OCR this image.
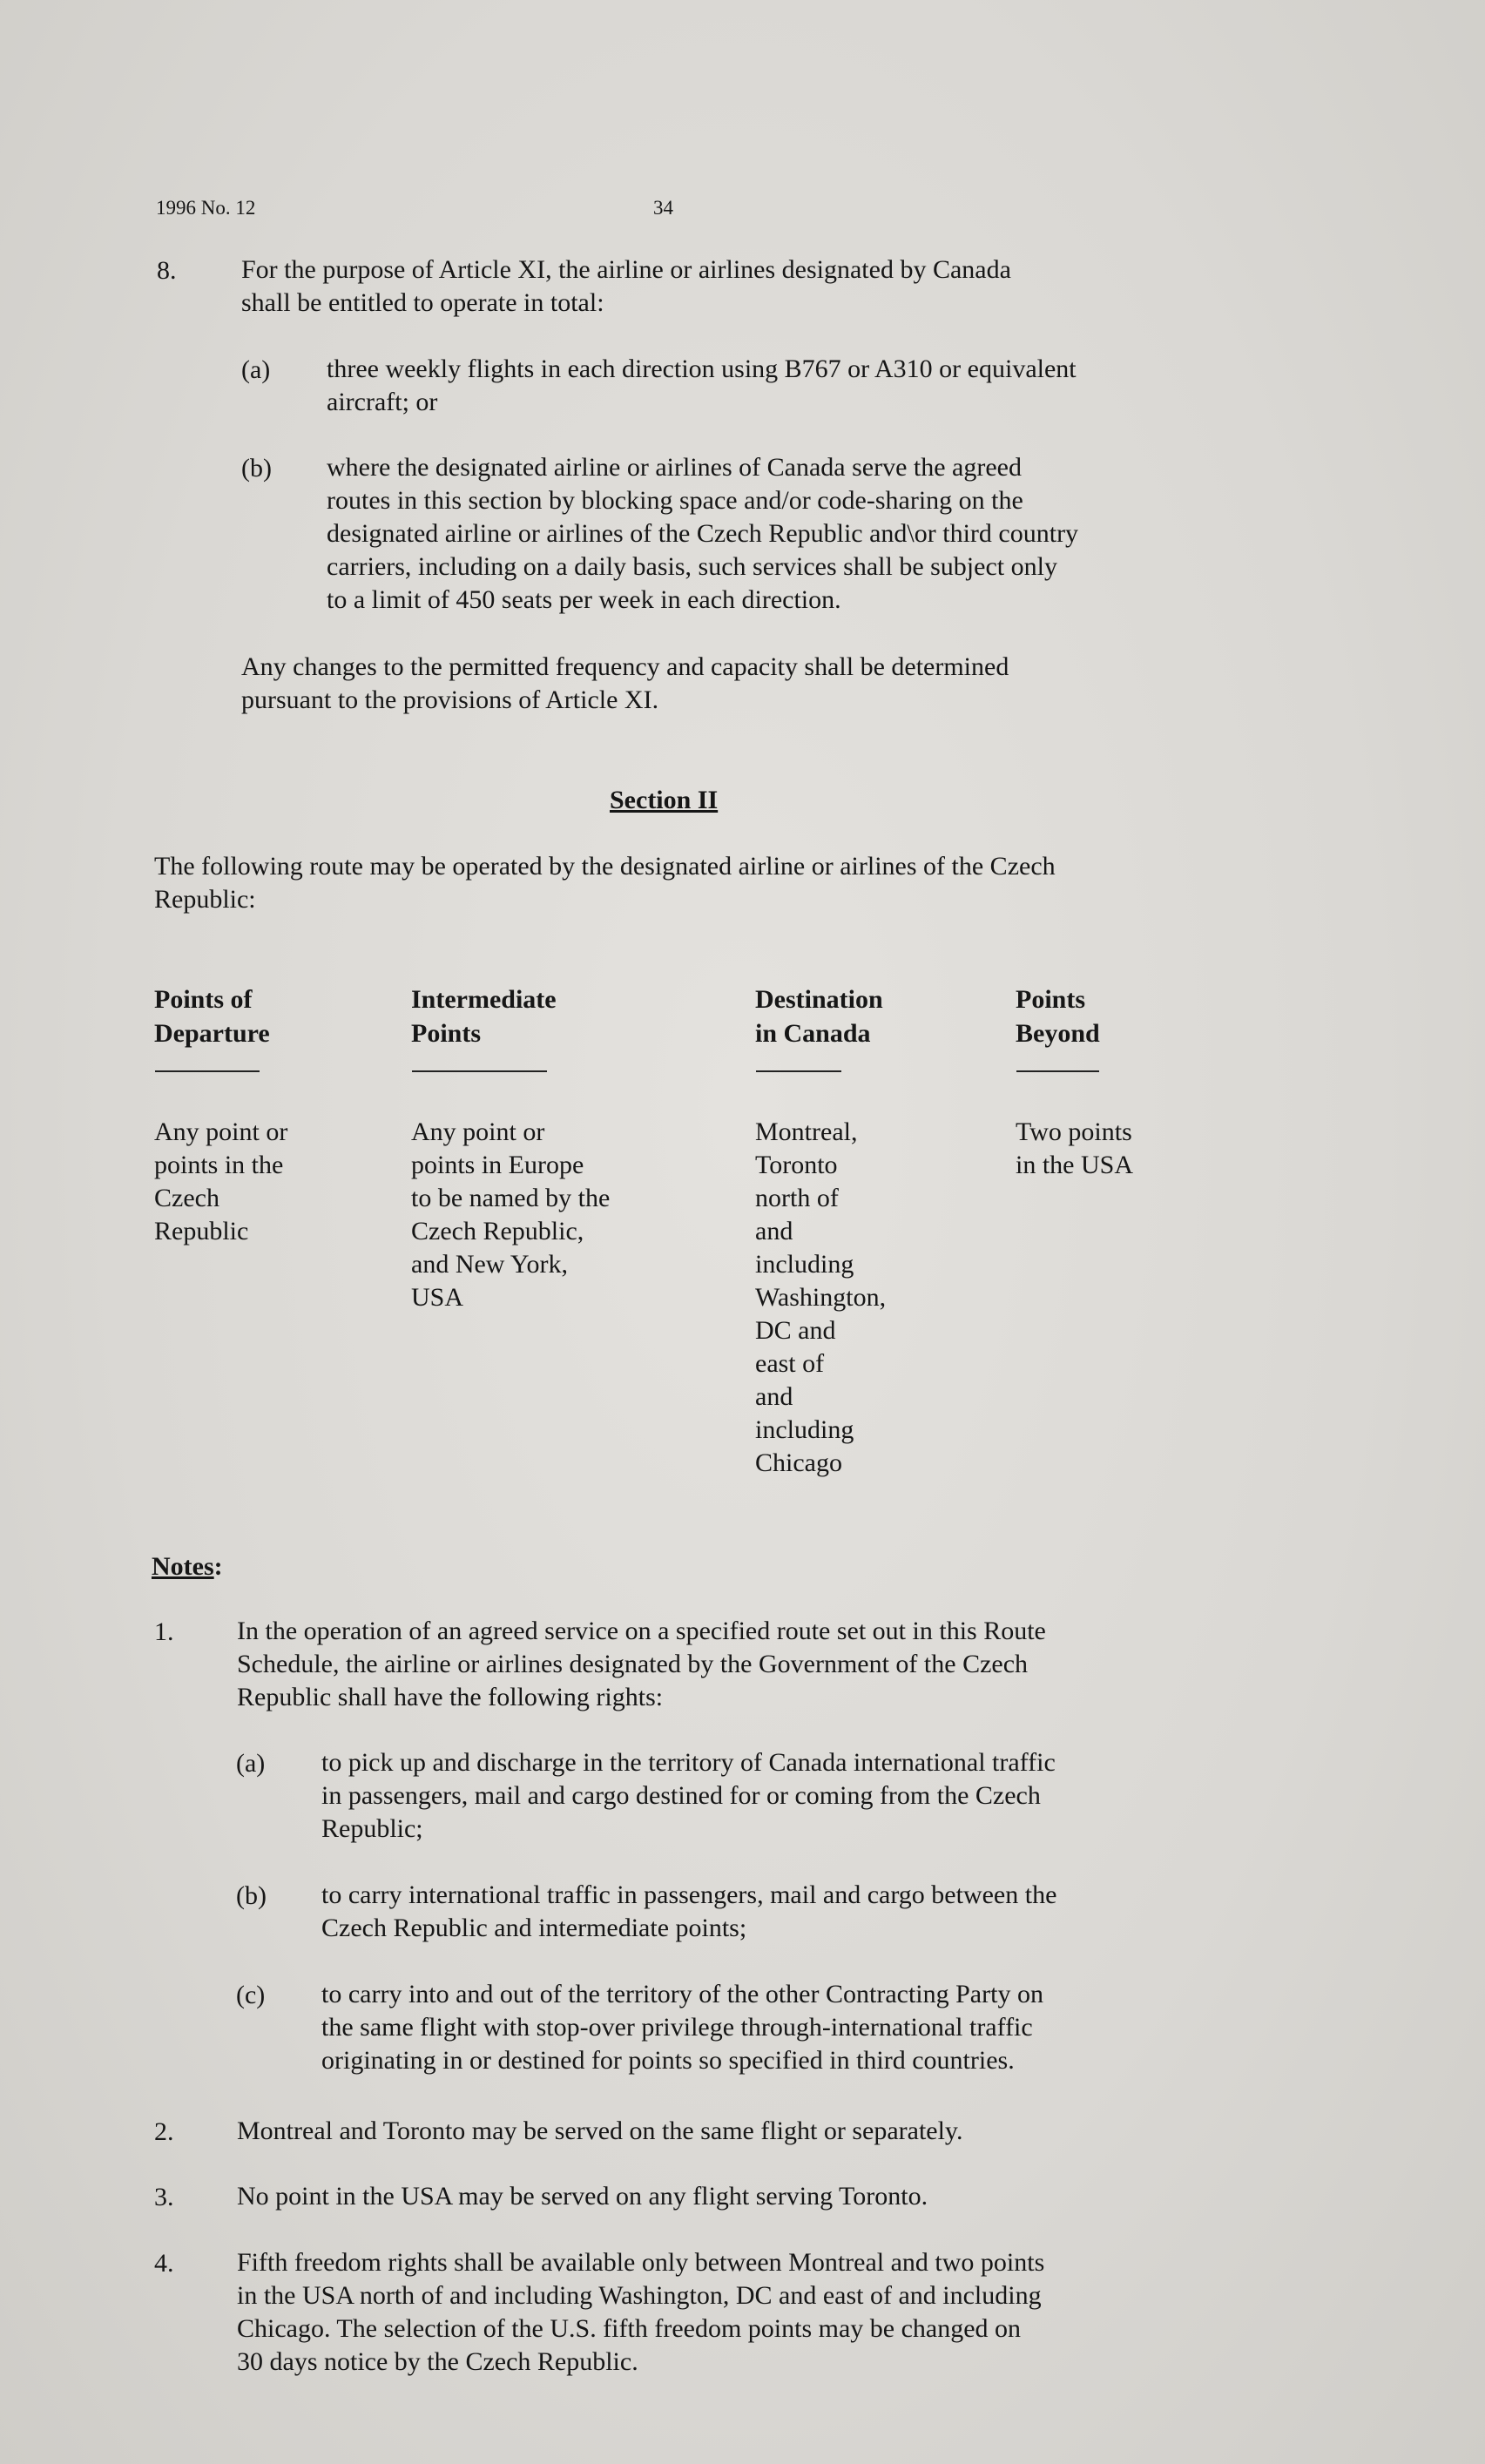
1996 No. 12	34
8. For the purpose of Article XI, the airline or airlines designated by Canada
shall be entitled to operate in total:
(a) three weekly flights in each direction using B767 or A310 or equivalent
aircraft; or
(b) where the designated airline or airlines of Canada serve the agreed
routes in this section by blocking space and/or code-sharing on the
designated airline or airlines of the Czech Republic and\or third country
carriers, including on a daily basis, such services shall be subject only
to a limit of 450 seats per week in each direction.
Any changes to the permitted frequency and capacity shall be determined
pursuant to the provisions of Article XI.
Section II
The following route may be operated by the designated airline or airlines of the Czech
Republic:
Points of
Departure
Intermediate
Points
Destination
in Canada
Points
Beyond
Any point or
points in the
Czech
Republic
Any point or
points in Europe
to be named by the
Czech Republic,
and New York,
USA
Montreal,
Toronto
north of
and
including
Washington,
DC and
east of
and
including
Chicago
Two points
in the USA
Notes:
1. In the operation of an agreed service on a specified route set out in this Route
Schedule, the airline or airlines designated by the Government of the Czech
Republic shall have the following rights:
(a) to pick up and discharge in the territory of Canada international traffic
in passengers, mail and cargo destined for or coming from the Czech
Republic;
(b) to carry international traffic in passengers, mail and cargo between the
Czech Republic and intermediate points;
(c) to carry into and out of the territory of the other Contracting Party on
the same flight with stop-over privilege through-international traffic
originating in or destined for points so specified in third countries.
2. Montreal and Toronto may be served on the same flight or separately.
3. No point in the USA may be served on any flight serving Toronto.
4. Fifth freedom rights shall be available only between Montreal and two points
in the USA north of and including Washington, DC and east of and including
Chicago. The selection of the U.S. fifth freedom points may be changed on
30 days notice by the Czech Republic.
